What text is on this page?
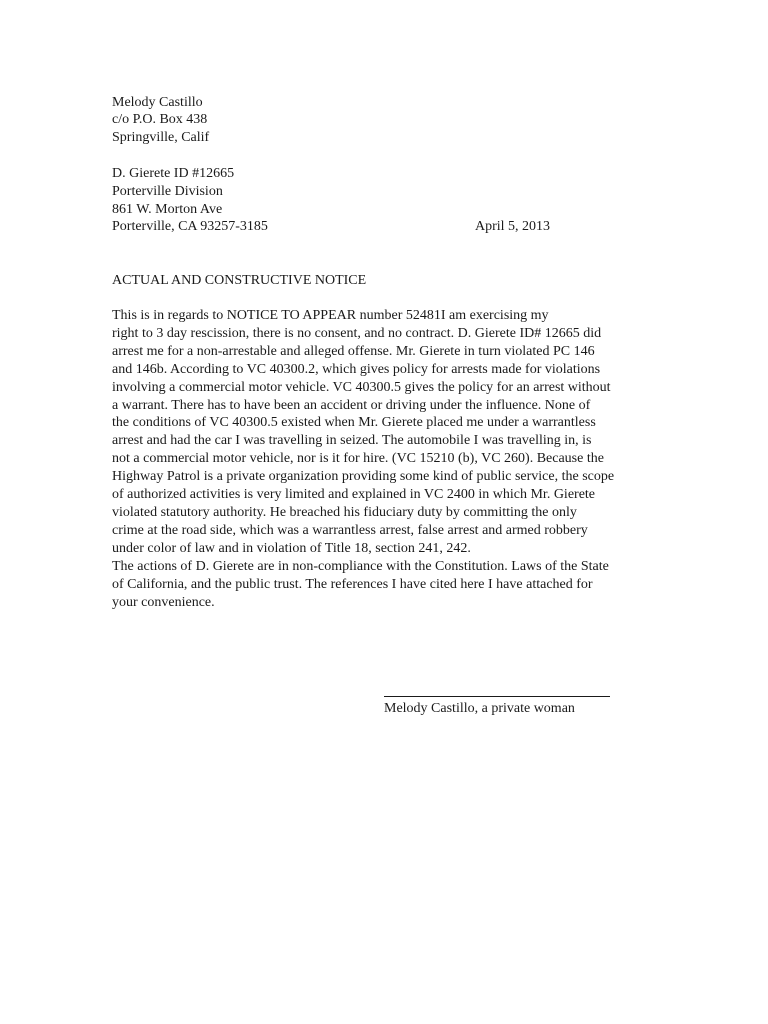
Melody Castillo
c/o P.O. Box 438
Springville, Calif
D. Gierete ID #12665
Porterville Division
861 W. Morton Ave
Porterville, CA 93257-3185	April 5, 2013
ACTUAL AND CONSTRUCTIVE NOTICE
This is in regards to NOTICE TO APPEAR number 52481I am exercising my
right to 3 day rescission, there is no consent, and no contract. D. Gierete ID# 12665 did
arrest me for a non-arrestable and alleged offense. Mr. Gierete in turn violated PC 146
and 146b. According to VC 40300.2, which gives policy for arrests made for violations
involving a commercial motor vehicle. VC 40300.5 gives the policy for an arrest without
a warrant. There has to have been an accident or driving under the influence. None of
the conditions of VC 40300.5 existed when Mr. Gierete placed me under a warrantless
arrest and had the car I was travelling in seized. The automobile I was travelling in, is
not a commercial motor vehicle, nor is it for hire. (VC 15210 (b), VC 260). Because the
Highway Patrol is a private organization providing some kind of public service, the scope
of authorized activities is very limited and explained in VC 2400 in which Mr. Gierete
violated statutory authority. He breached his fiduciary duty by committing the only
crime at the road side, which was a warrantless arrest, false arrest and armed robbery
under color of law and in violation of Title 18, section 241, 242.
The actions of D. Gierete are in non-compliance with the Constitution. Laws of the State
of California, and the public trust. The references I have cited here I have attached for
your convenience.
Melody Castillo, a private woman
